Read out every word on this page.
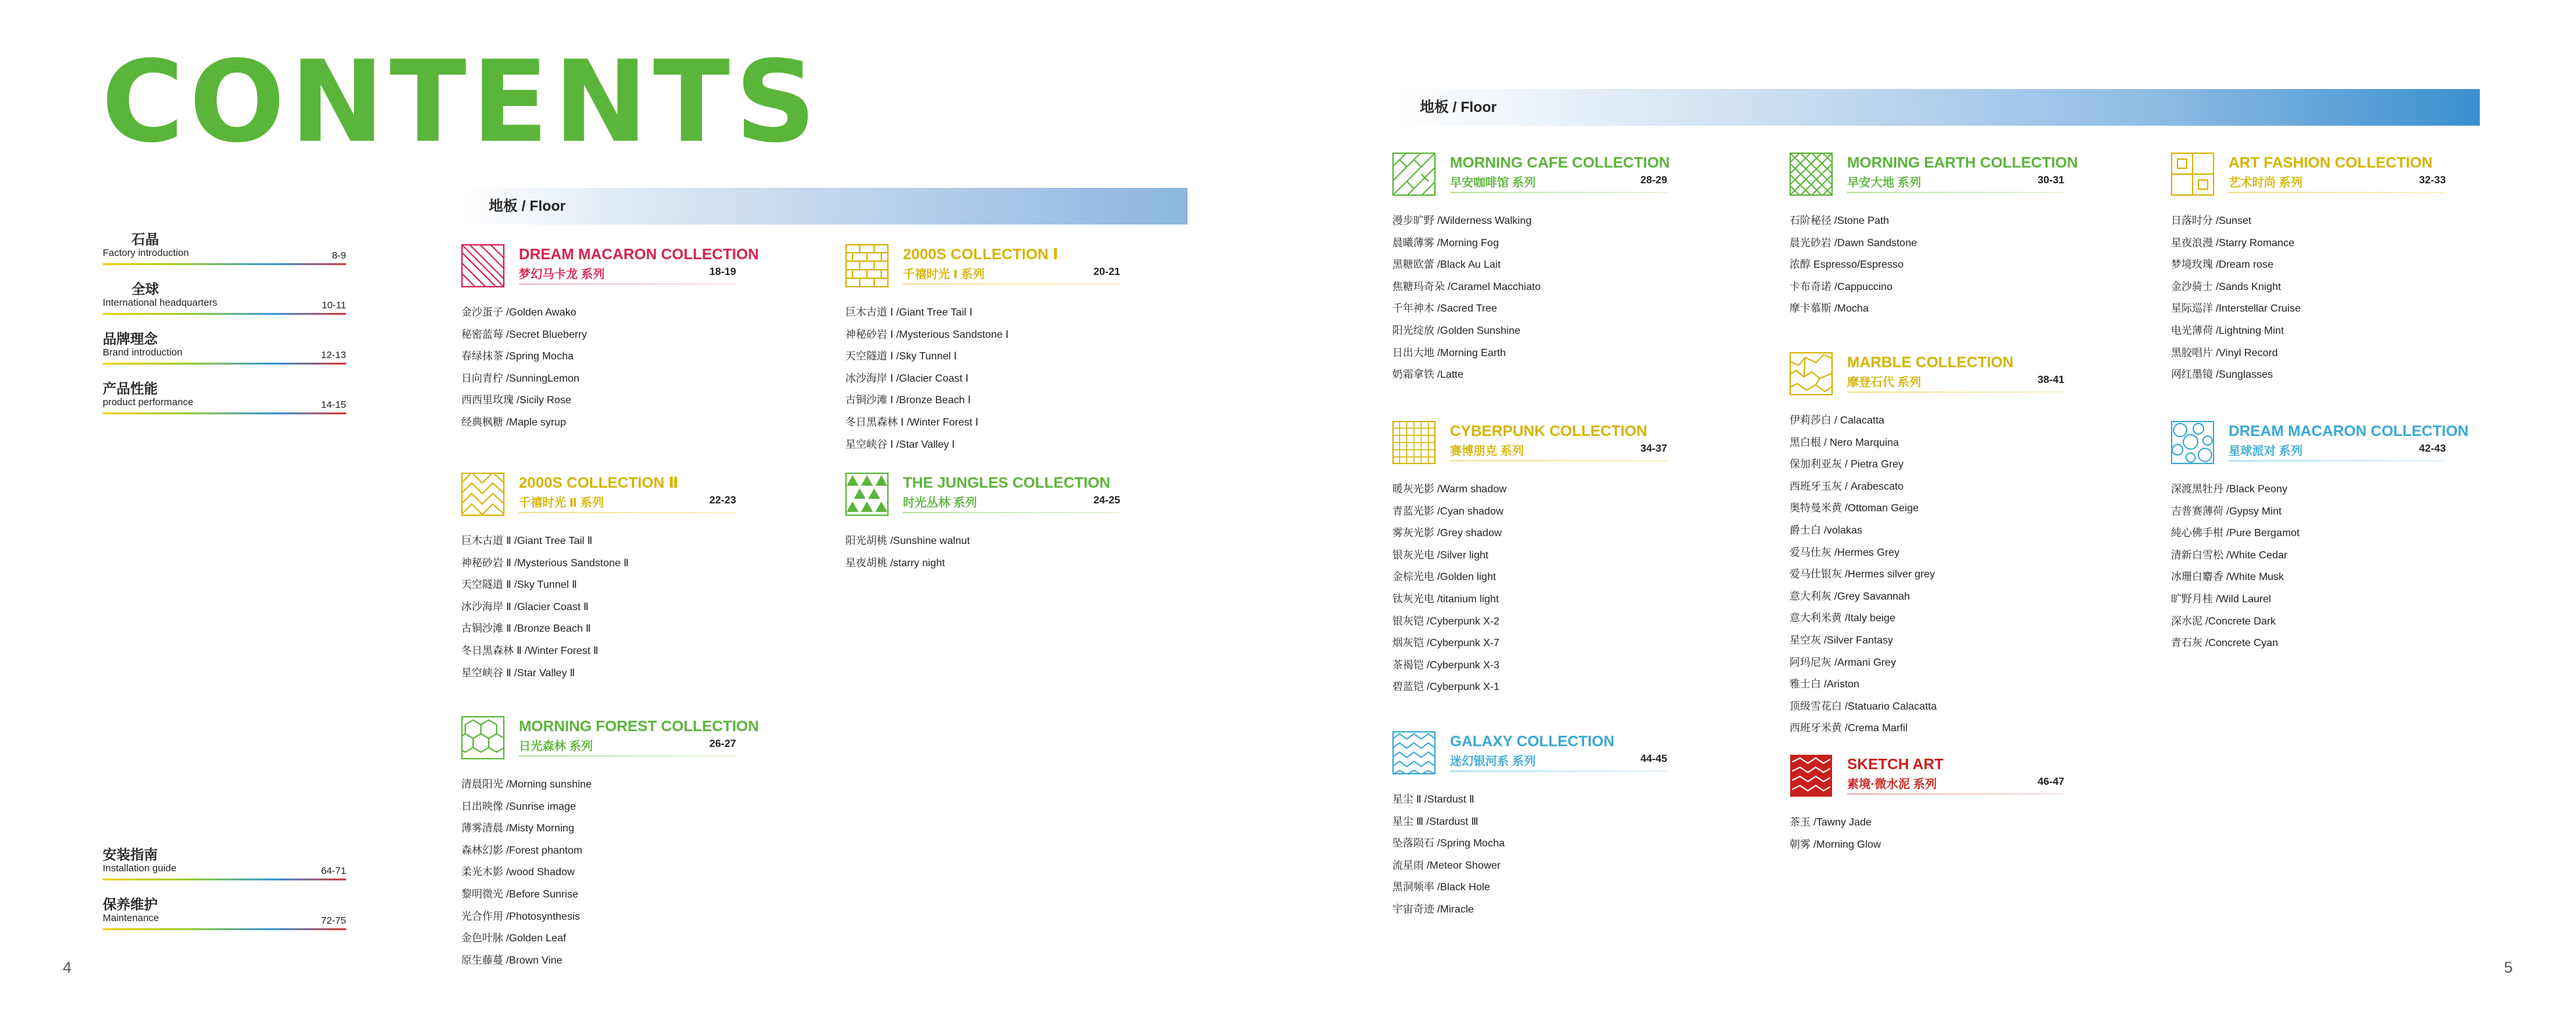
CONTENTS
石晶
Factory introduction	8-9
全球
International headquarters	10-11
品牌理念
Brand introduction	12-13
产品性能
product performance	14-15
安装指南
Installation guide	64-71
保养维护
Maintenance	72-75
地板 / Floor
地板 / Floor
DREAM MACARON COLLECTION
梦幻马卡龙 系列	18-19
金沙蛋子 /Golden Awako
秘密蓝莓 /Secret Blueberry
春绿抹茶 /Spring Mocha
日向青柠 /SunningLemon
西西里玫瑰 /Sicily Rose
经典枫糖 /Maple syrup
2000S COLLECTION Ⅰ
千禧时光 Ⅰ 系列	20-21
巨木古道 Ⅰ /Giant Tree Tail Ⅰ
神秘砂岩 Ⅰ /Mysterious Sandstone Ⅰ
天空隧道 Ⅰ /Sky Tunnel Ⅰ
冰沙海岸 Ⅰ /Glacier Coast Ⅰ
古铜沙滩 Ⅰ /Bronze Beach Ⅰ
冬日黑森林 Ⅰ /Winter Forest Ⅰ
星空峡谷 Ⅰ /Star Valley Ⅰ
2000S COLLECTION Ⅱ
千禧时光 Ⅱ 系列	22-23
巨木古道 Ⅱ /Giant Tree Tail Ⅱ
神秘砂岩 Ⅱ /Mysterious Sandstone Ⅱ
天空隧道 Ⅱ /Sky Tunnel Ⅱ
冰沙海岸 Ⅱ /Glacier Coast Ⅱ
古铜沙滩 Ⅱ /Bronze Beach Ⅱ
冬日黑森林 Ⅱ /Winter Forest Ⅱ
星空峡谷 Ⅱ /Star Valley Ⅱ
THE JUNGLES COLLECTION
时光丛林 系列	24-25
阳光胡桃 /Sunshine walnut
星夜胡桃 /starry night
MORNING FOREST COLLECTION
日光森林 系列	26-27
清晨阳光 /Morning sunshine
日出映像 /Sunrise image
薄雾清晨 /Misty Morning
森林幻影 /Forest phantom
柔光木影 /wood Shadow
黎明微光 /Before Sunrise
光合作用 /Photosynthesis
金色叶脉 /Golden Leaf
原生藤蔓 /Brown Vine
MORNING CAFE COLLECTION
早安咖啡馆 系列	28-29
漫步旷野 /Wilderness Walking
晨曦薄雾 /Morning Fog
黑糖欧蕾 /Black Au Lait
焦糖玛奇朵 /Caramel Macchiato
千年神木 /Sacred Tree
阳光绽放 /Golden Sunshine
日出大地 /Morning Earth
奶霜拿铁 /Latte
MORNING EARTH COLLECTION
早安大地 系列	30-31
石阶秘径 /Stone Path
晨光砂岩 /Dawn Sandstone
浓醇 Espresso/Espresso
卡布奇诺 /Cappuccino
摩卡慕斯 /Mocha
ART FASHION COLLECTION
艺术时尚 系列	32-33
日落时分 /Sunset
星夜浪漫 /Starry Romance
梦境玫瑰 /Dream rose
金沙骑士 /Sands Knight
星际巡洋 /Interstellar Cruise
电光薄荷 /Lightning Mint
黑胶唱片 /Vinyl Record
网红墨镜 /Sunglasses
CYBERPUNK COLLECTION
赛博朋克 系列	34-37
暖灰光影 /Warm shadow
青蓝光影 /Cyan shadow
雾灰光影 /Grey shadow
银灰光电 /Silver light
金棕光电 /Golden light
钛灰光电 /titanium light
银灰铠 /Cyberpunk X-2
烟灰铠 /Cyberpunk X-7
茶褐铠 /Cyberpunk X-3
碧蓝铠 /Cyberpunk X-1
MARBLE COLLECTION
摩登石代 系列	38-41
伊莉莎白 / Calacatta
黑白根 / Nero Marquina
保加利亚灰 / Pietra Grey
西班牙玉灰 / Arabescato
奥特曼米黄 /Ottoman Geige
爵士白 /volakas
爱马仕灰 /Hermes Grey
爱马仕银灰 /Hermes silver grey
意大利灰 /Grey Savannah
意大利米黄 /Italy beige
星空灰 /Silver Fantasy
阿玛尼灰 /Armani Grey
雅士白 /Ariston
顶级雪花白 /Statuario Calacatta
西班牙米黄 /Crema Marfil
DREAM MACARON COLLECTION
星球派对 系列	42-43
深渡黑牡丹 /Black Peony
吉普赛薄荷 /Gypsy Mint
純心佛手柑 /Pure Bergamot
清新白雪松 /White Cedar
冰珊白麝香 /White Musk
旷野月桂 /Wild Laurel
深水泥 /Concrete Dark
青石灰 /Concrete Cyan
GALAXY COLLECTION
迷幻银河系 系列	44-45
星尘 Ⅱ /Stardust Ⅱ
星尘 Ⅲ /Stardust Ⅲ
坠落陨石 /Spring Mocha
流星雨 /Meteor Shower
黑洞频率 /Black Hole
宇宙奇迹 /Miracle
SKETCH ART
素境·微水泥 系列	46-47
茶玉 /Tawny Jade
朝雾 /Morning Glow
4	5
